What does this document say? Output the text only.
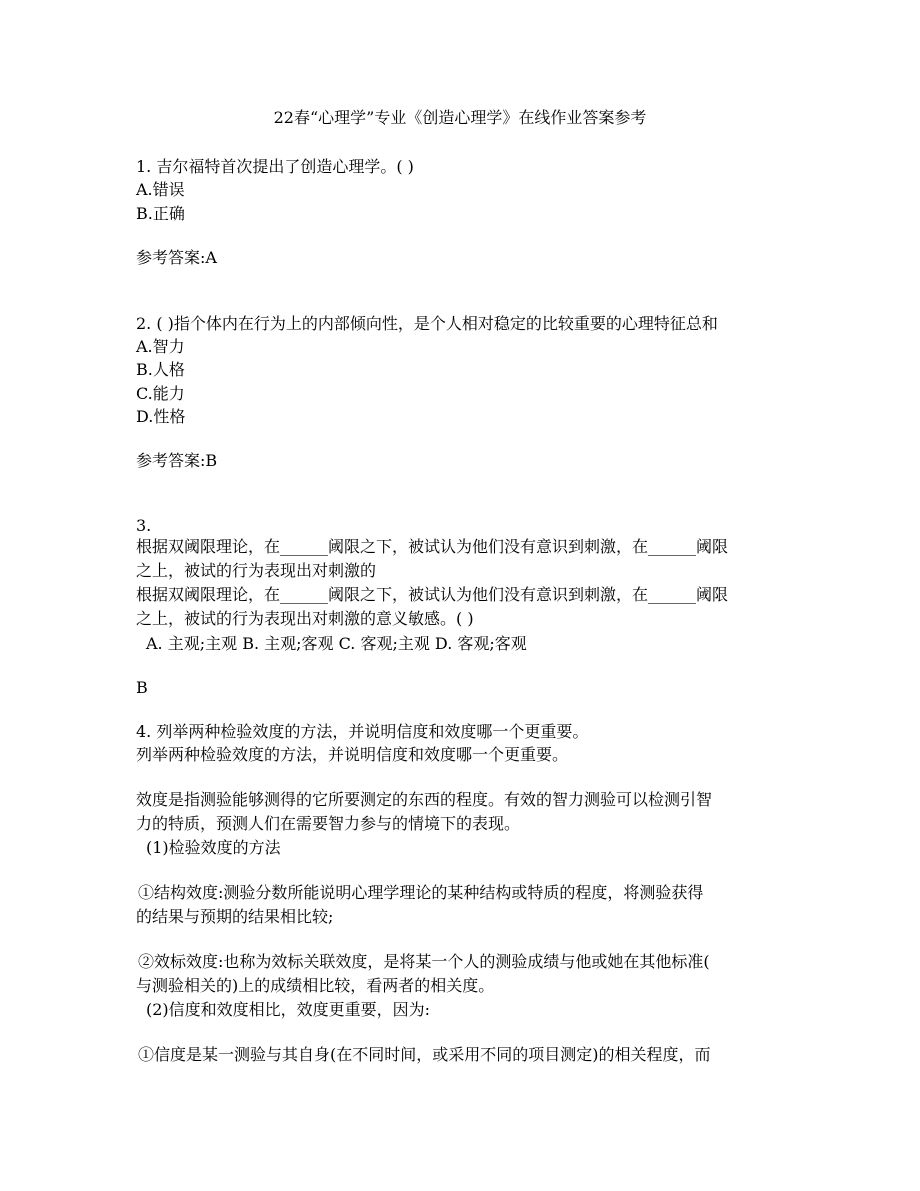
22春“心理学”专业《创造心理学》在线作业答案参考
1. 吉尔福特首次提出了创造心理学。( )
A.错误
B.正确
参考答案:A
2. ( )指个体内在行为上的内部倾向性，是个人相对稳定的比较重要的心理特征总和
A.智力
B.人格
C.能力
D.性格
参考答案:B
3.
根据双阈限理论，在______阈限之下，被试认为他们没有意识到刺激，在______阈限
之上，被试的行为表现出对刺激的
根据双阈限理论，在______阈限之下，被试认为他们没有意识到刺激，在______阈限
之上，被试的行为表现出对刺激的意义敏感。( )
A. 主观;主观 B. 主观;客观 C. 客观;主观 D. 客观;客观
B
4. 列举两种检验效度的方法，并说明信度和效度哪一个更重要。
列举两种检验效度的方法，并说明信度和效度哪一个更重要。
效度是指测验能够测得的它所要测定的东西的程度。有效的智力测验可以检测引智
力的特质，预测人们在需要智力参与的情境下的表现。
(1)检验效度的方法
①结构效度:测验分数所能说明心理学理论的某种结构或特质的程度，将测验获得
的结果与预期的结果相比较;
②效标效度:也称为效标关联效度，是将某一个人的测验成绩与他或她在其他标准(
与测验相关的)上的成绩相比较，看两者的相关度。
(2)信度和效度相比，效度更重要，因为:
①信度是某一测验与其自身(在不同时间，或采用不同的项目测定)的相关程度，而
